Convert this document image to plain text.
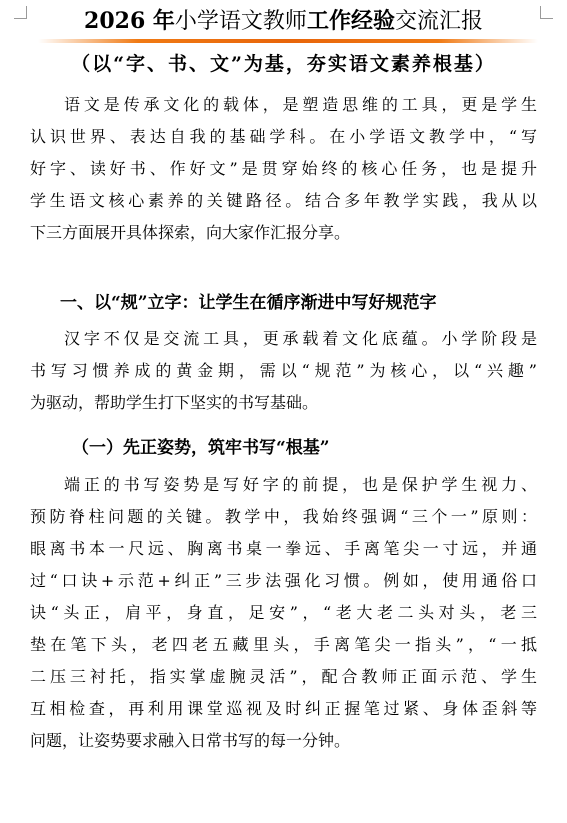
2026 年小学语文教师工作经验交流汇报
（以“字、书、文”为基，夯实语文素养根基）
语文是传承文化的载体，是塑造思维的工具，更是学生
认识世界、表达自我的基础学科。在小学语文教学中，“写
好字、读好书、作好文”是贯穿始终的核心任务，也是提升
学生语文核心素养的关键路径。结合多年教学实践，我从以
下三方面展开具体探索，向大家作汇报分享。
一、以“规”立字：让学生在循序渐进中写好规范字
汉字不仅是交流工具，更承载着文化底蕴。小学阶段是
书写习惯养成的黄金期，需以“规范”为核心，以“兴趣”
为驱动，帮助学生打下坚实的书写基础。
（一）先正姿势，筑牢书写“根基”
端正的书写姿势是写好字的前提，也是保护学生视力、
预防脊柱问题的关键。教学中，我始终强调“三个一”原则：
眼离书本一尺远、胸离书桌一拳远、手离笔尖一寸远，并通
过“口诀+示范+纠正”三步法强化习惯。例如，使用通俗口
诀“头正，肩平，身直，足安”，“老大老二头对头，老三
垫在笔下头，老四老五藏里头，手离笔尖一指头”，“一抵
二压三衬托，指实掌虚腕灵活”，配合教师正面示范、学生
互相检查，再利用课堂巡视及时纠正握笔过紧、身体歪斜等
问题，让姿势要求融入日常书写的每一分钟。
